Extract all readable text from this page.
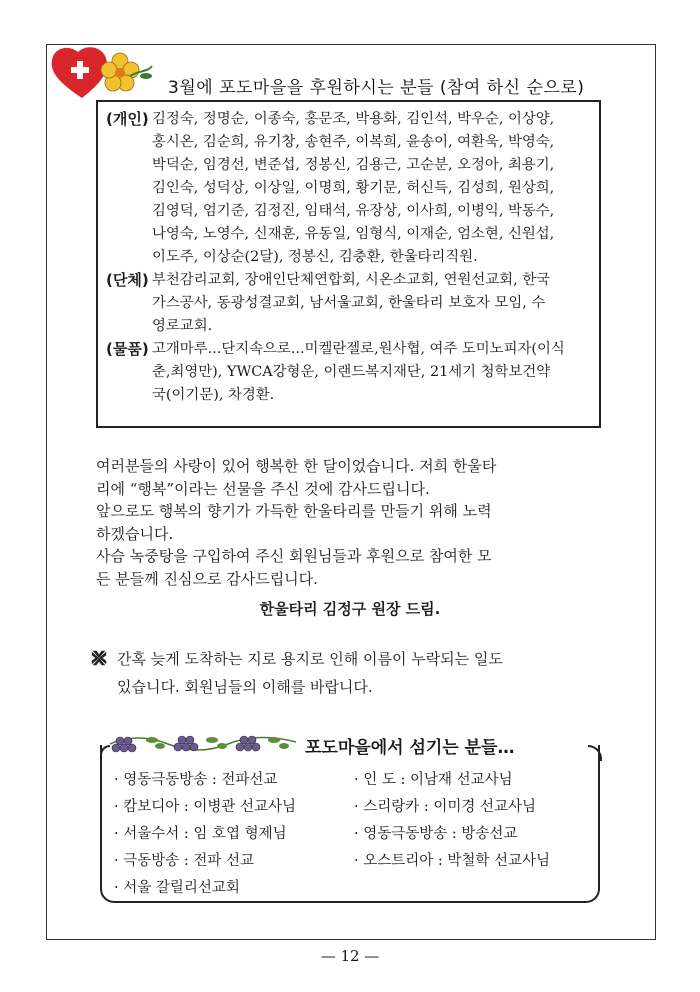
3월에 포도마을을 후원하시는 분들 (참여 하신 순으로)
(개인) 김정숙, 정명순, 이종숙, 홍문조, 박용화, 김인석, 박우순, 이상양,
홍시온, 김순희, 유기창, 송현주, 이복희, 윤송이, 여환욱, 박영숙,
박덕순, 임경선, 변준섭, 정봉신, 김용근, 고순분, 오정아, 최용기,
김인숙, 성덕상, 이상일, 이명희, 황기문, 허신득, 김성희, 원상희,
김영덕, 엄기준, 김정진, 임태석, 유장상, 이사희, 이병익, 박동수,
나영숙, 노영수, 신재훈, 유동일, 임형식, 이재순, 엄소현, 신원섭,
이도주, 이상순(2달), 정봉신, 김충환, 한울타리직원.
(단체) 부천감리교회, 장애인단체연합회, 시온소교회, 연원선교회, 한국
가스공사, 동광성결교회, 남서울교회, 한울타리 보호자 모임, 수
영로교회.
(물품) 고개마루...단지속으로...미켈란젤로,원사협, 여주 도미노피자(이식
춘,최영만), YWCA강형운, 이랜드복지재단, 21세기 청학보건약
국(이기문), 차경환.

여러분들의 사랑이 있어 행복한 한 달이었습니다. 저희 한울타

리에 “행복”이라는 선물을 주신 것에 감사드립니다.

앞으로도 행복의 향기가 가득한 한울타리를 만들기 위해 노력

하겠습니다.

사슴 녹중탕을 구입하여 주신 회원님들과 후원으로 참여한 모

든 분들께 진심으로 감사드립니다.

한울타리 김정구 원장 드림.
간혹 늦게 도착하는 지로 용지로 인해 이름이 누락되는 일도
있습니다. 회원님들의 이해를 바랍니다.
포도마을에서 섬기는 분들…
· 영동극동방송 : 전파선교	· 인 도 : 이남재 선교사님
· 캄보디아 : 이병관 선교사님	· 스리랑카 : 이미경 선교사님
· 서울수서 : 임 호엽 형제님	· 영동극동방송 : 방송선교
· 극동방송 : 전파 선교	· 오스트리아 : 박철학 선교사님
· 서울 갈릴리선교회
— 12 —
